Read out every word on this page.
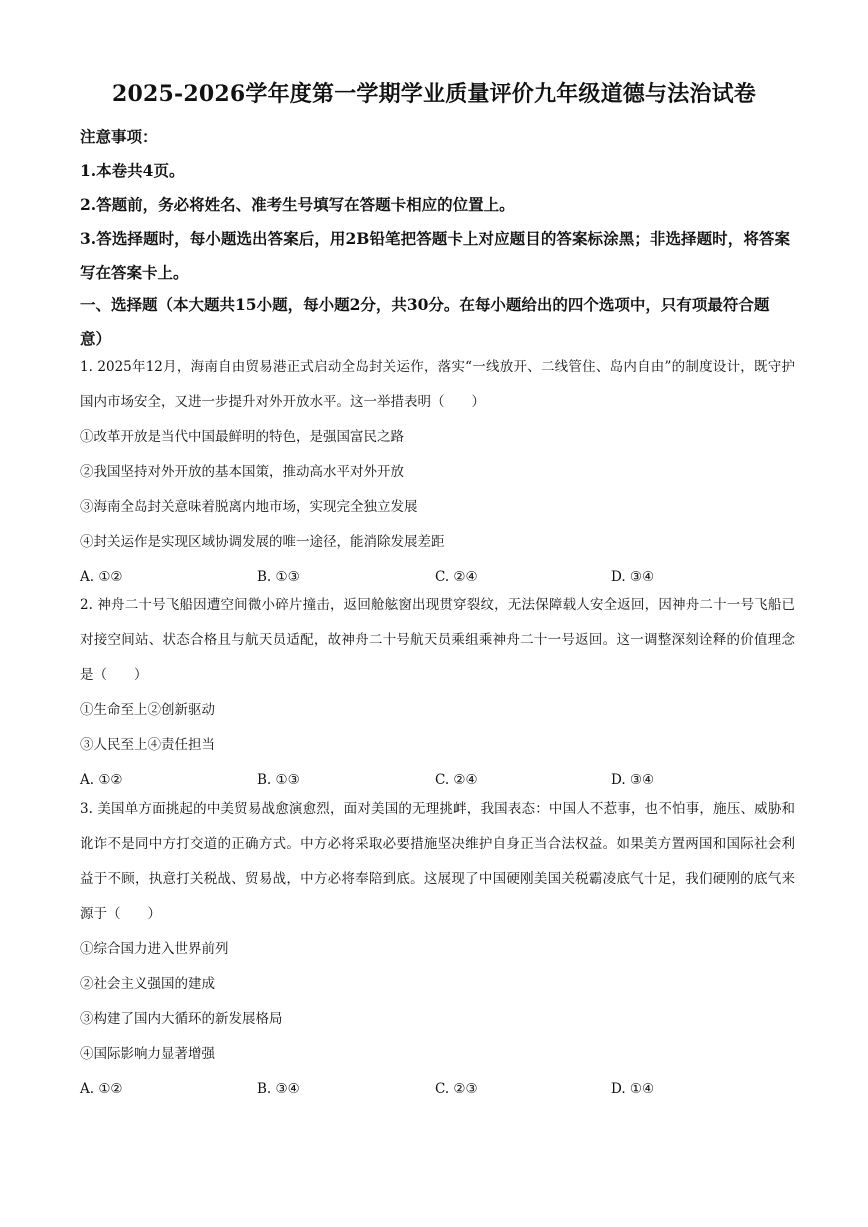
2025-2026学年度第一学期学业质量评价九年级道德与法治试卷
注意事项：
1.本卷共4页。
2.答题前，务必将姓名、准考生号填写在答题卡相应的位置上。
3.答选择题时，每小题选出答案后，用2B铅笔把答题卡上对应题目的答案标涂黑；非选择题时，将答案写在答案卡上。
一、选择题（本大题共15小题，每小题2分，共30分。在每小题给出的四个选项中，只有项最符合题意）
1. 2025年12月，海南自由贸易港正式启动全岛封关运作，落实“一线放开、二线管住、岛内自由”的制度设计，既守护国内市场安全，又进一步提升对外开放水平。这一举措表明（　　）
①改革开放是当代中国最鲜明的特色，是强国富民之路
②我国坚持对外开放的基本国策，推动高水平对外开放
③海南全岛封关意味着脱离内地市场，实现完全独立发展
④封关运作是实现区域协调发展的唯一途径，能消除发展差距
A. ①②	B. ①③	C. ②④	D. ③④
2. 神舟二十号飞船因遭空间微小碎片撞击，返回舱舷窗出现贯穿裂纹，无法保障载人安全返回，因神舟二十一号飞船已对接空间站、状态合格且与航天员适配，故神舟二十号航天员乘组乘神舟二十一号返回。这一调整深刻诠释的价值理念是（　　）
①生命至上②创新驱动
③人民至上④责任担当
A. ①②	B. ①③	C. ②④	D. ③④
3. 美国单方面挑起的中美贸易战愈演愈烈，面对美国的无理挑衅，我国表态：中国人不惹事，也不怕事，施压、威胁和讹诈不是同中方打交道的正确方式。中方必将采取必要措施坚决维护自身正当合法权益。如果美方置两国和国际社会利益于不顾，执意打关税战、贸易战，中方必将奉陪到底。这展现了中国硬刚美国关税霸凌底气十足，我们硬刚的底气来源于（　　）
①综合国力进入世界前列
②社会主义强国的建成
③构建了国内大循环的新发展格局
④国际影响力显著增强
A. ①②	B. ③④	C. ②③	D. ①④
